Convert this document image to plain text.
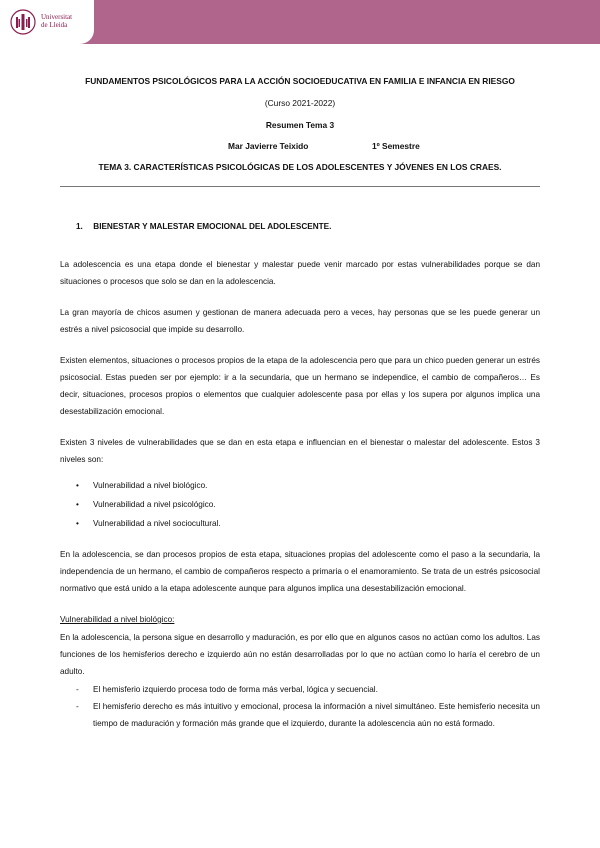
Universitat
de Lleida
FUNDAMENTOS PSICOLÓGICOS PARA LA ACCIÓN SOCIOEDUCATIVA EN FAMILIA E INFANCIA EN RIESGO
(Curso 2021-2022)
Resumen Tema 3
Mar Javierre Teixido	1º Semestre
TEMA 3. CARACTERÍSTICAS PSICOLÓGICAS DE LOS ADOLESCENTES Y JÓVENES EN LOS CRAES.
1. BIENESTAR Y MALESTAR EMOCIONAL DEL ADOLESCENTE.

La adolescencia es una etapa donde el bienestar y malestar puede venir marcado por estas vulnerabilidades porque se dan situaciones o procesos que solo se dan en la adolescencia.

La gran mayoría de chicos asumen y gestionan de manera adecuada pero a veces, hay personas que se les puede generar un estrés a nivel psicosocial que impide su desarrollo.

Existen elementos, situaciones o procesos propios de la etapa de la adolescencia pero que para un chico pueden generar un estrés psicosocial. Estas pueden ser por ejemplo: ir a la secundaria, que un hermano se independice, el cambio de compañeros… Es decir, situaciones, procesos propios o elementos que cualquier adolescente pasa por ellas y los supera por algunos implica una desestabilización emocional.

Existen 3 niveles de vulnerabilidades que se dan en esta etapa e influencian en el bienestar o malestar del adolescente. Estos 3 niveles son:

• Vulnerabilidad a nivel biológico.
• Vulnerabilidad a nivel psicológico.
• Vulnerabilidad a nivel sociocultural.

En la adolescencia, se dan procesos propios de esta etapa, situaciones propias del adolescente como el paso a la secundaria, la independencia de un hermano, el cambio de compañeros respecto a primaria o el enamoramiento. Se trata de un estrés psicosocial normativo que está unido a la etapa adolescente aunque para algunos implica una desestabilización emocional.

Vulnerabilidad a nivel biológico:

En la adolescencia, la persona sigue en desarrollo y maduración, es por ello que en algunos casos no actúan como los adultos. Las funciones de los hemisferios derecho e izquierdo aún no están desarrolladas por lo que no actúan como lo haría el cerebro de un adulto.

- El hemisferio izquierdo procesa todo de forma más verbal, lógica y secuencial.
- El hemisferio derecho es más intuitivo y emocional, procesa la información a nivel simultáneo. Este hemisferio necesita un tiempo de maduración y formación más grande que el izquierdo, durante la adolescencia aún no está formado.
